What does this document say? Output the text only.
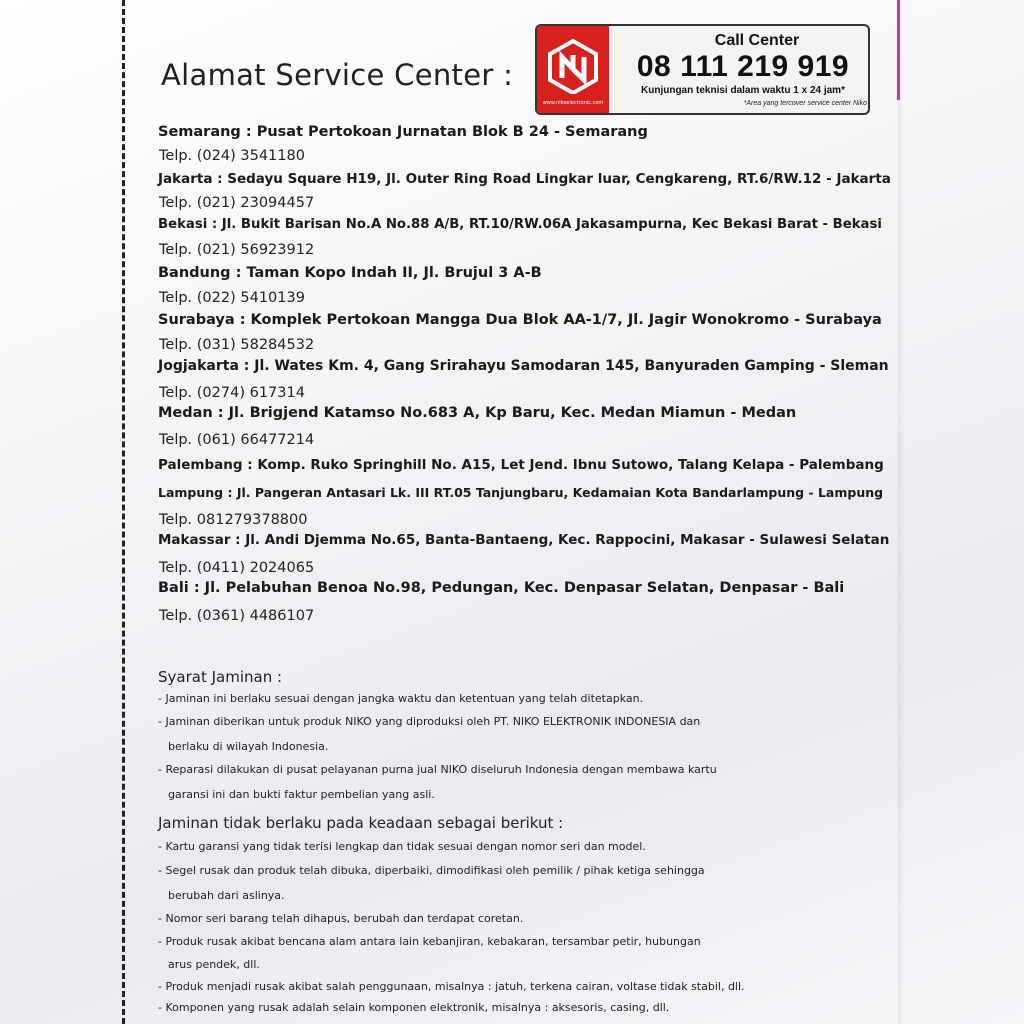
Alamat Service Center :
www.nikoelectronic.com
Call Center
08 111 219 919
Kunjungan teknisi dalam waktu 1 x 24 jam*
*Area yang tercover service center Niko

Semarang : Pusat Pertokoan Jurnatan Blok B 24 - Semarang

Telp. (024) 3541180

Jakarta : Sedayu Square H19, Jl. Outer Ring Road Lingkar luar, Cengkareng, RT.6/RW.12 - Jakarta

Telp. (021) 23094457

Bekasi : Jl. Bukit Barisan No.A No.88 A/B, RT.10/RW.06A Jakasampurna, Kec Bekasi Barat - Bekasi

Telp. (021) 56923912

Bandung : Taman Kopo Indah II, Jl. Brujul 3 A-B

Telp. (022) 5410139

Surabaya : Komplek Pertokoan Mangga Dua Blok AA-1/7, Jl. Jagir Wonokromo - Surabaya

Telp. (031) 58284532

Jogjakarta : Jl. Wates Km. 4, Gang Srirahayu Samodaran 145, Banyuraden Gamping - Sleman

Telp. (0274) 617314

Medan : Jl. Brigjend Katamso No.683 A, Kp Baru, Kec. Medan Miamun - Medan

Telp. (061) 66477214

Palembang : Komp. Ruko Springhill No. A15, Let Jend. Ibnu Sutowo, Talang Kelapa - Palembang

Lampung : Jl. Pangeran Antasari Lk. III RT.05 Tanjungbaru, Kedamaian Kota Bandarlampung - Lampung

Telp. 081279378800

Makassar : Jl. Andi Djemma No.65, Banta-Bantaeng, Kec. Rappocini, Makasar - Sulawesi Selatan

Telp. (0411) 2024065

Bali : Jl. Pelabuhan Benoa No.98, Pedungan, Kec. Denpasar Selatan, Denpasar - Bali

Telp. (0361) 4486107

Syarat Jaminan :

- Jaminan ini berlaku sesuai dengan jangka waktu dan ketentuan yang telah ditetapkan.

- Jaminan diberikan untuk produk NIKO yang diproduksi oleh PT. NIKO ELEKTRONIK INDONESIA dan

berlaku di wilayah Indonesia.

- Reparasi dilakukan di pusat pelayanan purna jual NIKO diseluruh Indonesia dengan membawa kartu

garansi ini dan bukti faktur pembelian yang asli.

Jaminan tidak berlaku pada keadaan sebagai berikut :

- Kartu garansi yang tidak terisi lengkap dan tidak sesuai dengan nomor seri dan model.

- Segel rusak dan produk telah dibuka, diperbaiki, dimodifikasi oleh pemilik / pihak ketiga sehingga

berubah dari aslinya.

- Nomor seri barang telah dihapus, berubah dan terdapat coretan.

- Produk rusak akibat bencana alam antara lain kebanjiran, kebakaran, tersambar petir, hubungan

arus pendek, dll.

- Produk menjadi rusak akibat salah penggunaan, misalnya : jatuh, terkena cairan, voltase tidak stabil, dll.

- Komponen yang rusak adalah selain komponen elektronik, misalnya : aksesoris, casing, dll.
